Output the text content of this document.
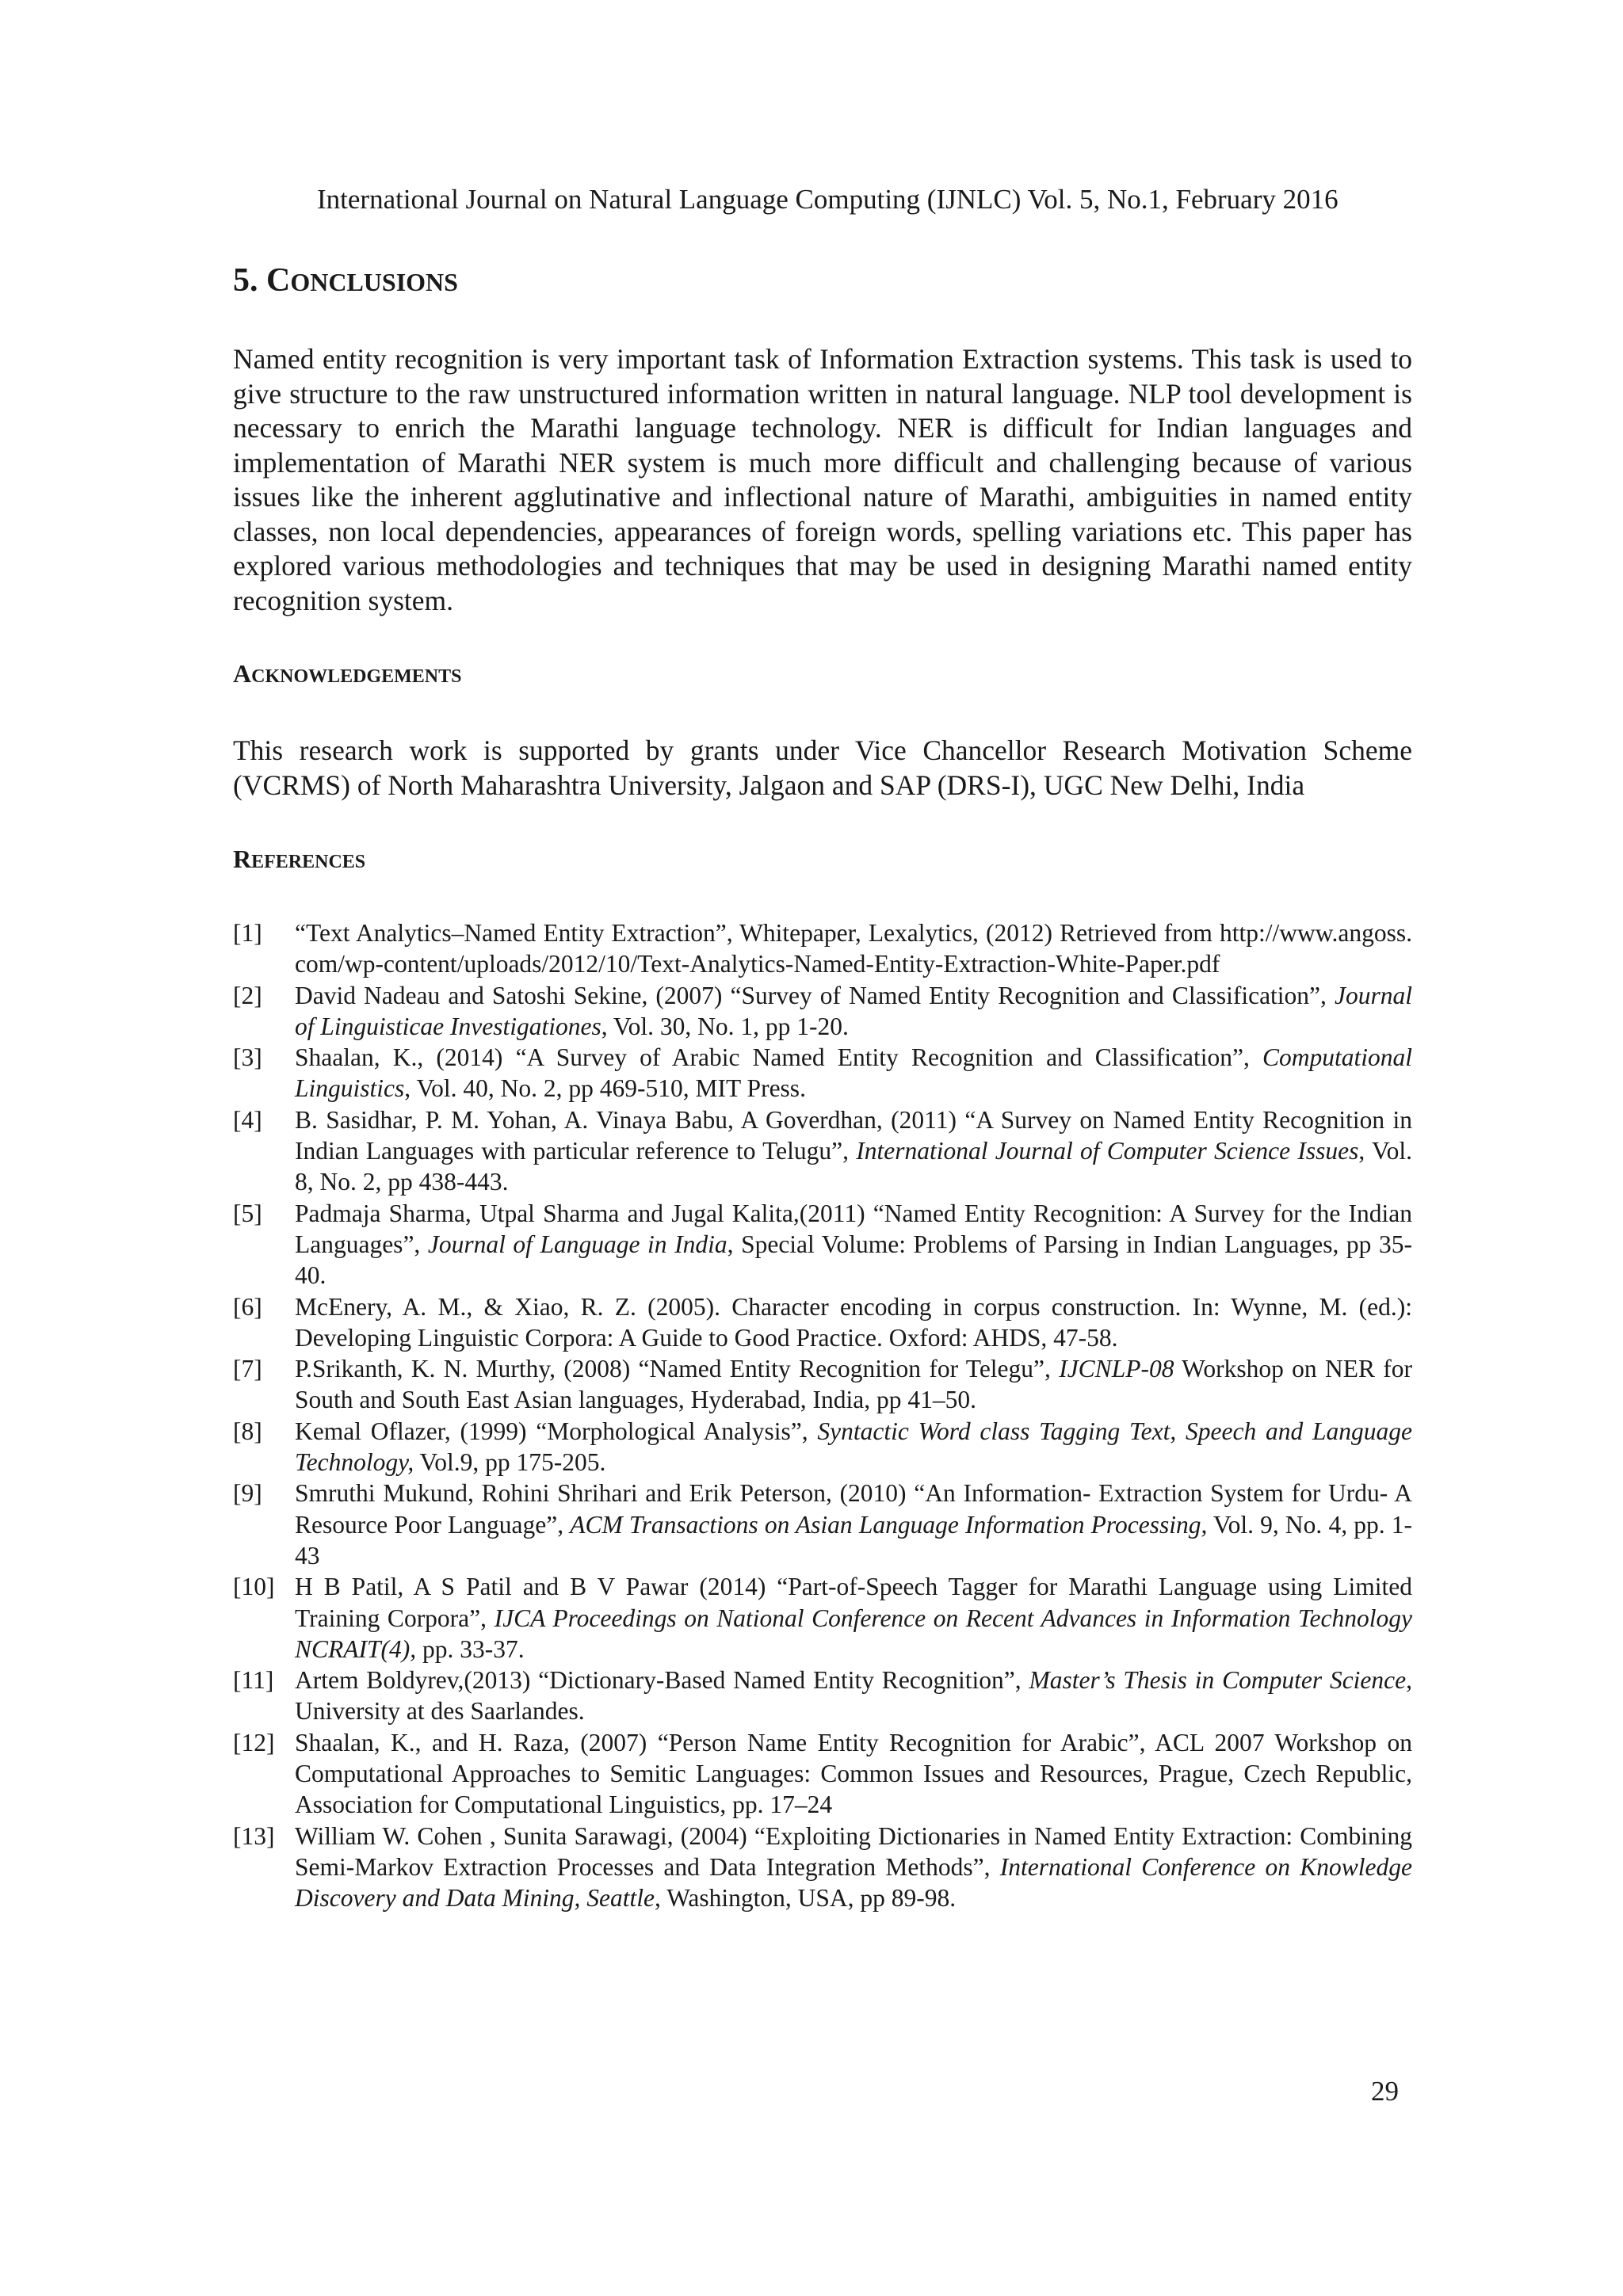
International Journal on Natural Language Computing (IJNLC) Vol. 5, No.1, February 2016
5. CONCLUSIONS

Named entity recognition is very important task of Information Extraction systems. This task is used to give structure to the raw unstructured information written in natural language. NLP tool development is necessary to enrich the Marathi language technology. NER is difficult for Indian languages and implementation of Marathi NER system is much more difficult and challenging because of various issues like the inherent agglutinative and inflectional nature of Marathi, ambiguities in named entity classes, non local dependencies, appearances of foreign words, spelling variations etc. This paper has explored various methodologies and techniques that may be used in designing Marathi named entity recognition system.

ACKNOWLEDGEMENTS

This research work is supported by grants under Vice Chancellor Research Motivation Scheme (VCRMS) of North Maharashtra University, Jalgaon and SAP (DRS-I), UGC New Delhi, India

REFERENCES
[1] “Text Analytics–Named Entity Extraction”, Whitepaper, Lexalytics, (2012) Retrieved from http://www.angoss.com/wp-content/uploads/2012/10/Text-Analytics-Named-Entity-Extraction-White-Paper.pdf
[2] David Nadeau and Satoshi Sekine, (2007) “Survey of Named Entity Recognition and Classification”, Journal of Linguisticae Investigationes, Vol. 30, No. 1, pp 1-20.
[3] Shaalan, K., (2014) “A Survey of Arabic Named Entity Recognition and Classification”, Computational Linguistics, Vol. 40, No. 2, pp 469-510, MIT Press.
[4] B. Sasidhar, P. M. Yohan, A. Vinaya Babu, A Goverdhan, (2011) “A Survey on Named Entity Recognition in Indian Languages with particular reference to Telugu”, International Journal of Computer Science Issues, Vol. 8, No. 2, pp 438-443.
[5] Padmaja Sharma, Utpal Sharma and Jugal Kalita,(2011) “Named Entity Recognition: A Survey for the Indian Languages”, Journal of Language in India, Special Volume: Problems of Parsing in Indian Languages, pp 35-40.
[6] McEnery, A. M., & Xiao, R. Z. (2005). Character encoding in corpus construction. In: Wynne, M. (ed.): Developing Linguistic Corpora: A Guide to Good Practice. Oxford: AHDS, 47-58.
[7] P.Srikanth, K. N. Murthy, (2008) “Named Entity Recognition for Telegu”, IJCNLP-08 Workshop on NER for South and South East Asian languages, Hyderabad, India, pp 41–50.
[8] Kemal Oflazer, (1999) “Morphological Analysis”, Syntactic Word class Tagging Text, Speech and Language Technology, Vol.9, pp 175-205.
[9] Smruthi Mukund, Rohini Shrihari and Erik Peterson, (2010) “An Information- Extraction System for Urdu- A Resource Poor Language”, ACM Transactions on Asian Language Information Processing, Vol. 9, No. 4, pp. 1-43
[10] H B Patil, A S Patil and B V Pawar (2014) “Part-of-Speech Tagger for Marathi Language using Limited Training Corpora”, IJCA Proceedings on National Conference on Recent Advances in Information Technology NCRAIT(4), pp. 33-37.
[11] Artem Boldyrev,(2013) “Dictionary-Based Named Entity Recognition”, Master’s Thesis in Computer Science, University at des Saarlandes.
[12] Shaalan, K., and H. Raza, (2007) “Person Name Entity Recognition for Arabic”, ACL 2007 Workshop on Computational Approaches to Semitic Languages: Common Issues and Resources, Prague, Czech Republic, Association for Computational Linguistics, pp. 17–24
[13] William W. Cohen , Sunita Sarawagi, (2004) “Exploiting Dictionaries in Named Entity Extraction: Combining Semi-Markov Extraction Processes and Data Integration Methods”, International Conference on Knowledge Discovery and Data Mining, Seattle, Washington, USA, pp 89-98.
29
